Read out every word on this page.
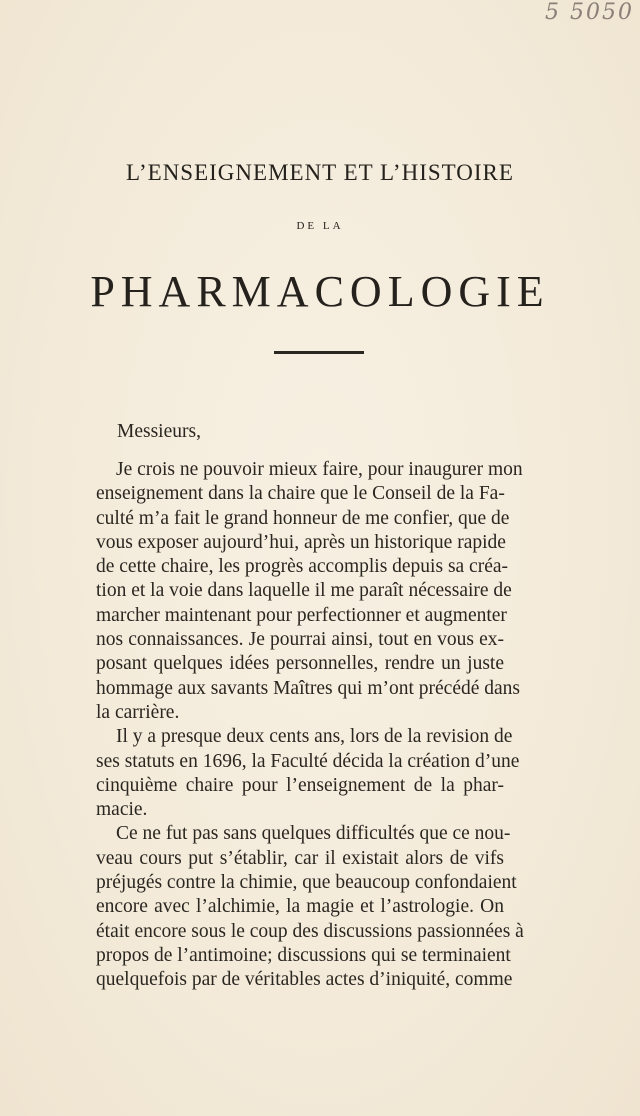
5 5050
L’ENSEIGNEMENT ET L’HISTOIRE
DE LA
PHARMACOLOGIE
Messieurs,
Je crois ne pouvoir mieux faire, pour inaugurer mon
enseignement dans la chaire que le Conseil de la Fa-
culté m’a fait le grand honneur de me confier, que de
vous exposer aujourd’hui, après un historique rapide
de cette chaire, les progrès accomplis depuis sa créa-
tion et la voie dans laquelle il me paraît nécessaire de
marcher maintenant pour perfectionner et augmenter
nos connaissances. Je pourrai ainsi, tout en vous ex-
posant quelques idées personnelles, rendre un juste
hommage aux savants Maîtres qui m’ont précédé dans
la carrière.
Il y a presque deux cents ans, lors de la revision de
ses statuts en 1696, la Faculté décida la création d’une
cinquième chaire pour l’enseignement de la phar-
macie.
Ce ne fut pas sans quelques difficultés que ce nou-
veau cours put s’établir, car il existait alors de vifs
préjugés contre la chimie, que beaucoup confondaient
encore avec l’alchimie, la magie et l’astrologie. On
était encore sous le coup des discussions passionnées à
propos de l’antimoine; discussions qui se terminaient
quelquefois par de véritables actes d’iniquité, comme
